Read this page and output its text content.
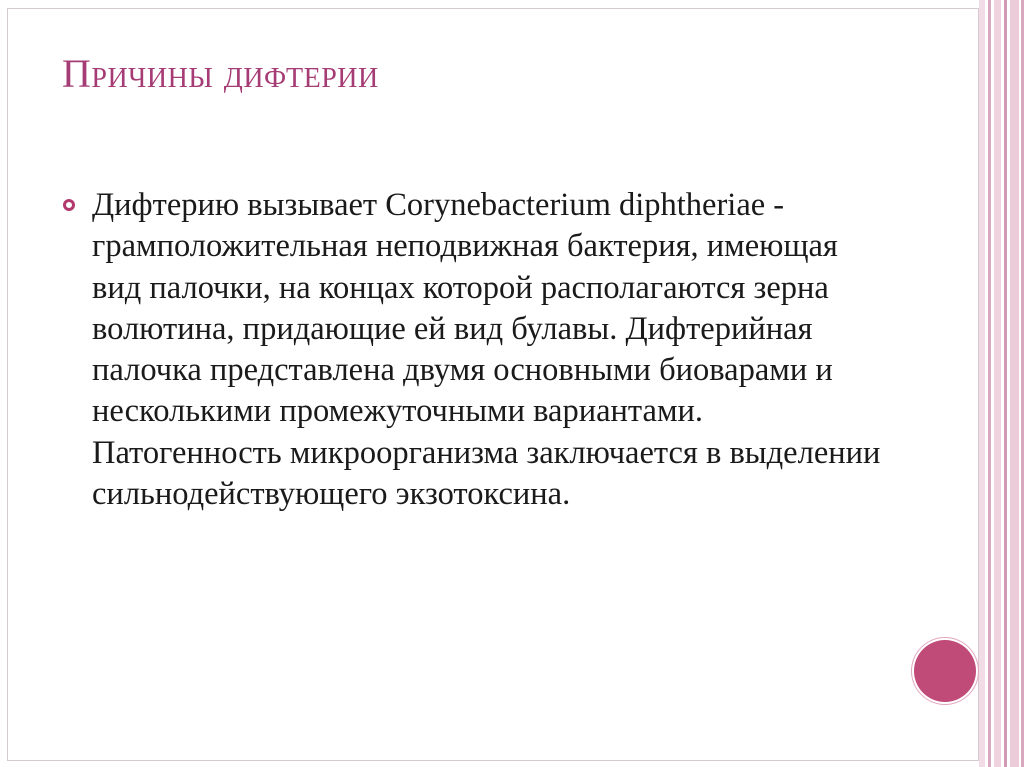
Причины дифтерии

Дифтерию вызывает Corynebacterium diphtheriae - грамположительная неподвижная бактерия, имеющая вид палочки, на концах которой располагаются зерна волютина, придающие ей вид булавы. Дифтерийная палочка представлена двумя основными биоварами и несколькими промежуточными вариантами. Патогенность микроорганизма заключается в выделении сильнодействующего экзотоксина.
